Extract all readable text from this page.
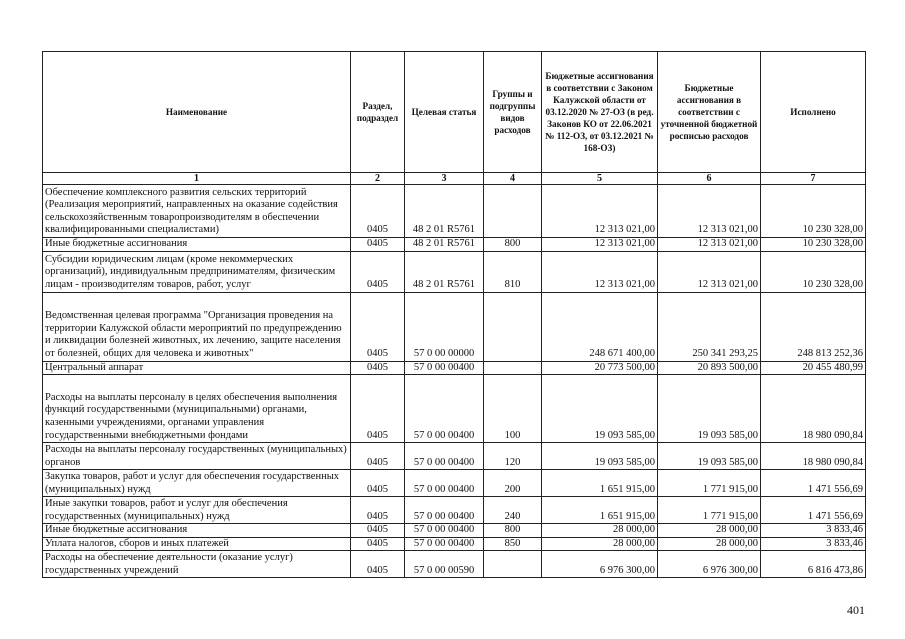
Наименование	Раздел, подраздел	Целевая статья	Группы и подгруппы видов расходов	Бюджетные ассигнования в соответствии с Законом Калужской области от 03.12.2020 № 27-ОЗ (в ред. Законов КО от 22.06.2021 № 112-ОЗ, от 03.12.2021 № 168-ОЗ)	Бюджетные ассигнования в соответствии с уточненной бюджетной росписью расходов	Исполнено
1	2	3	4	5	6	7
Обеспечение комплексного развития сельских территорий (Реализация мероприятий, направленных на оказание содействия сельскохозяйственным товаропроизводителям в обеспечении квалифицированными специалистами)	0405	48 2 01 R5761		12 313 021,00	12 313 021,00	10 230 328,00
Иные бюджетные ассигнования	0405	48 2 01 R5761	800	12 313 021,00	12 313 021,00	10 230 328,00
Субсидии юридическим лицам (кроме некоммерческих организаций), индивидуальным предпринимателям, физическим лицам - производителям товаров, работ, услуг	0405	48 2 01 R5761	810	12 313 021,00	12 313 021,00	10 230 328,00
Ведомственная целевая программа "Организация проведения на территории Калужской области мероприятий по предупреждению и ликвидации болезней животных, их лечению, защите населения от болезней, общих для человека и животных"	0405	57 0 00 00000		248 671 400,00	250 341 293,25	248 813 252,36
Центральный аппарат	0405	57 0 00 00400		20 773 500,00	20 893 500,00	20 455 480,99
Расходы на выплаты персоналу в целях обеспечения выполнения функций государственными (муниципальными) органами, казенными учреждениями, органами управления государственными внебюджетными фондами	0405	57 0 00 00400	100	19 093 585,00	19 093 585,00	18 980 090,84
Расходы на выплаты персоналу государственных (муниципальных) органов	0405	57 0 00 00400	120	19 093 585,00	19 093 585,00	18 980 090,84
Закупка товаров, работ и услуг для обеспечения государственных (муниципальных) нужд	0405	57 0 00 00400	200	1 651 915,00	1 771 915,00	1 471 556,69
Иные закупки товаров, работ и услуг для обеспечения государственных (муниципальных) нужд	0405	57 0 00 00400	240	1 651 915,00	1 771 915,00	1 471 556,69
Иные бюджетные ассигнования	0405	57 0 00 00400	800	28 000,00	28 000,00	3 833,46
Уплата налогов, сборов и иных платежей	0405	57 0 00 00400	850	28 000,00	28 000,00	3 833,46
Расходы на обеспечение деятельности (оказание услуг) государственных учреждений	0405	57 0 00 00590		6 976 300,00	6 976 300,00	6 816 473,86
401
